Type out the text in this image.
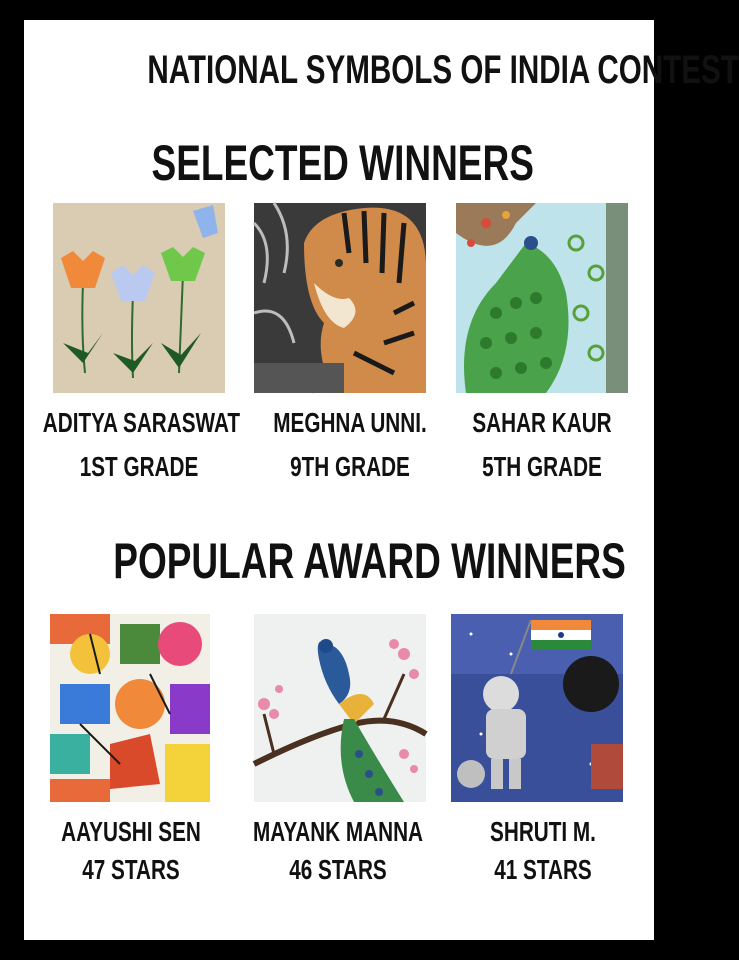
NATIONAL SYMBOLS OF INDIA CONTEST
SELECTED WINNERS
ADITYA SARASWAT
1ST GRADE
MEGHNA UNNI.
9TH GRADE
SAHAR KAUR
5TH GRADE
POPULAR AWARD WINNERS
AAYUSHI SEN
47 STARS
MAYANK MANNA
46 STARS
SHRUTI M.
41 STARS
